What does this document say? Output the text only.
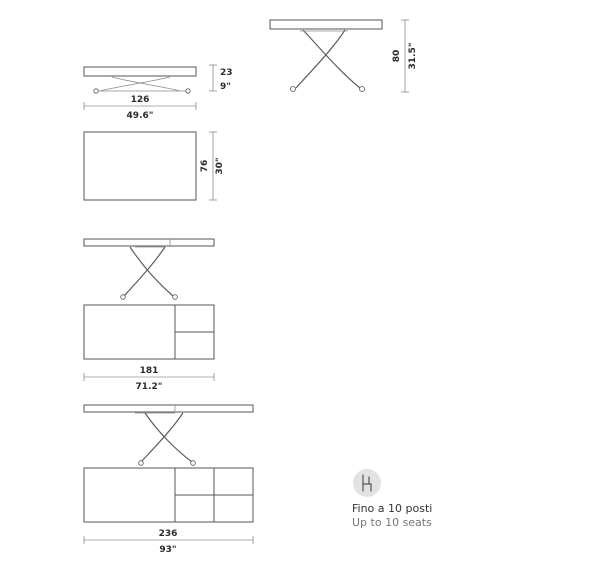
80 31.5"
23
9"
126
49.6"
76 30"
181
71.2"
236
93"
Fino a 10 posti
Up to 10 seats
